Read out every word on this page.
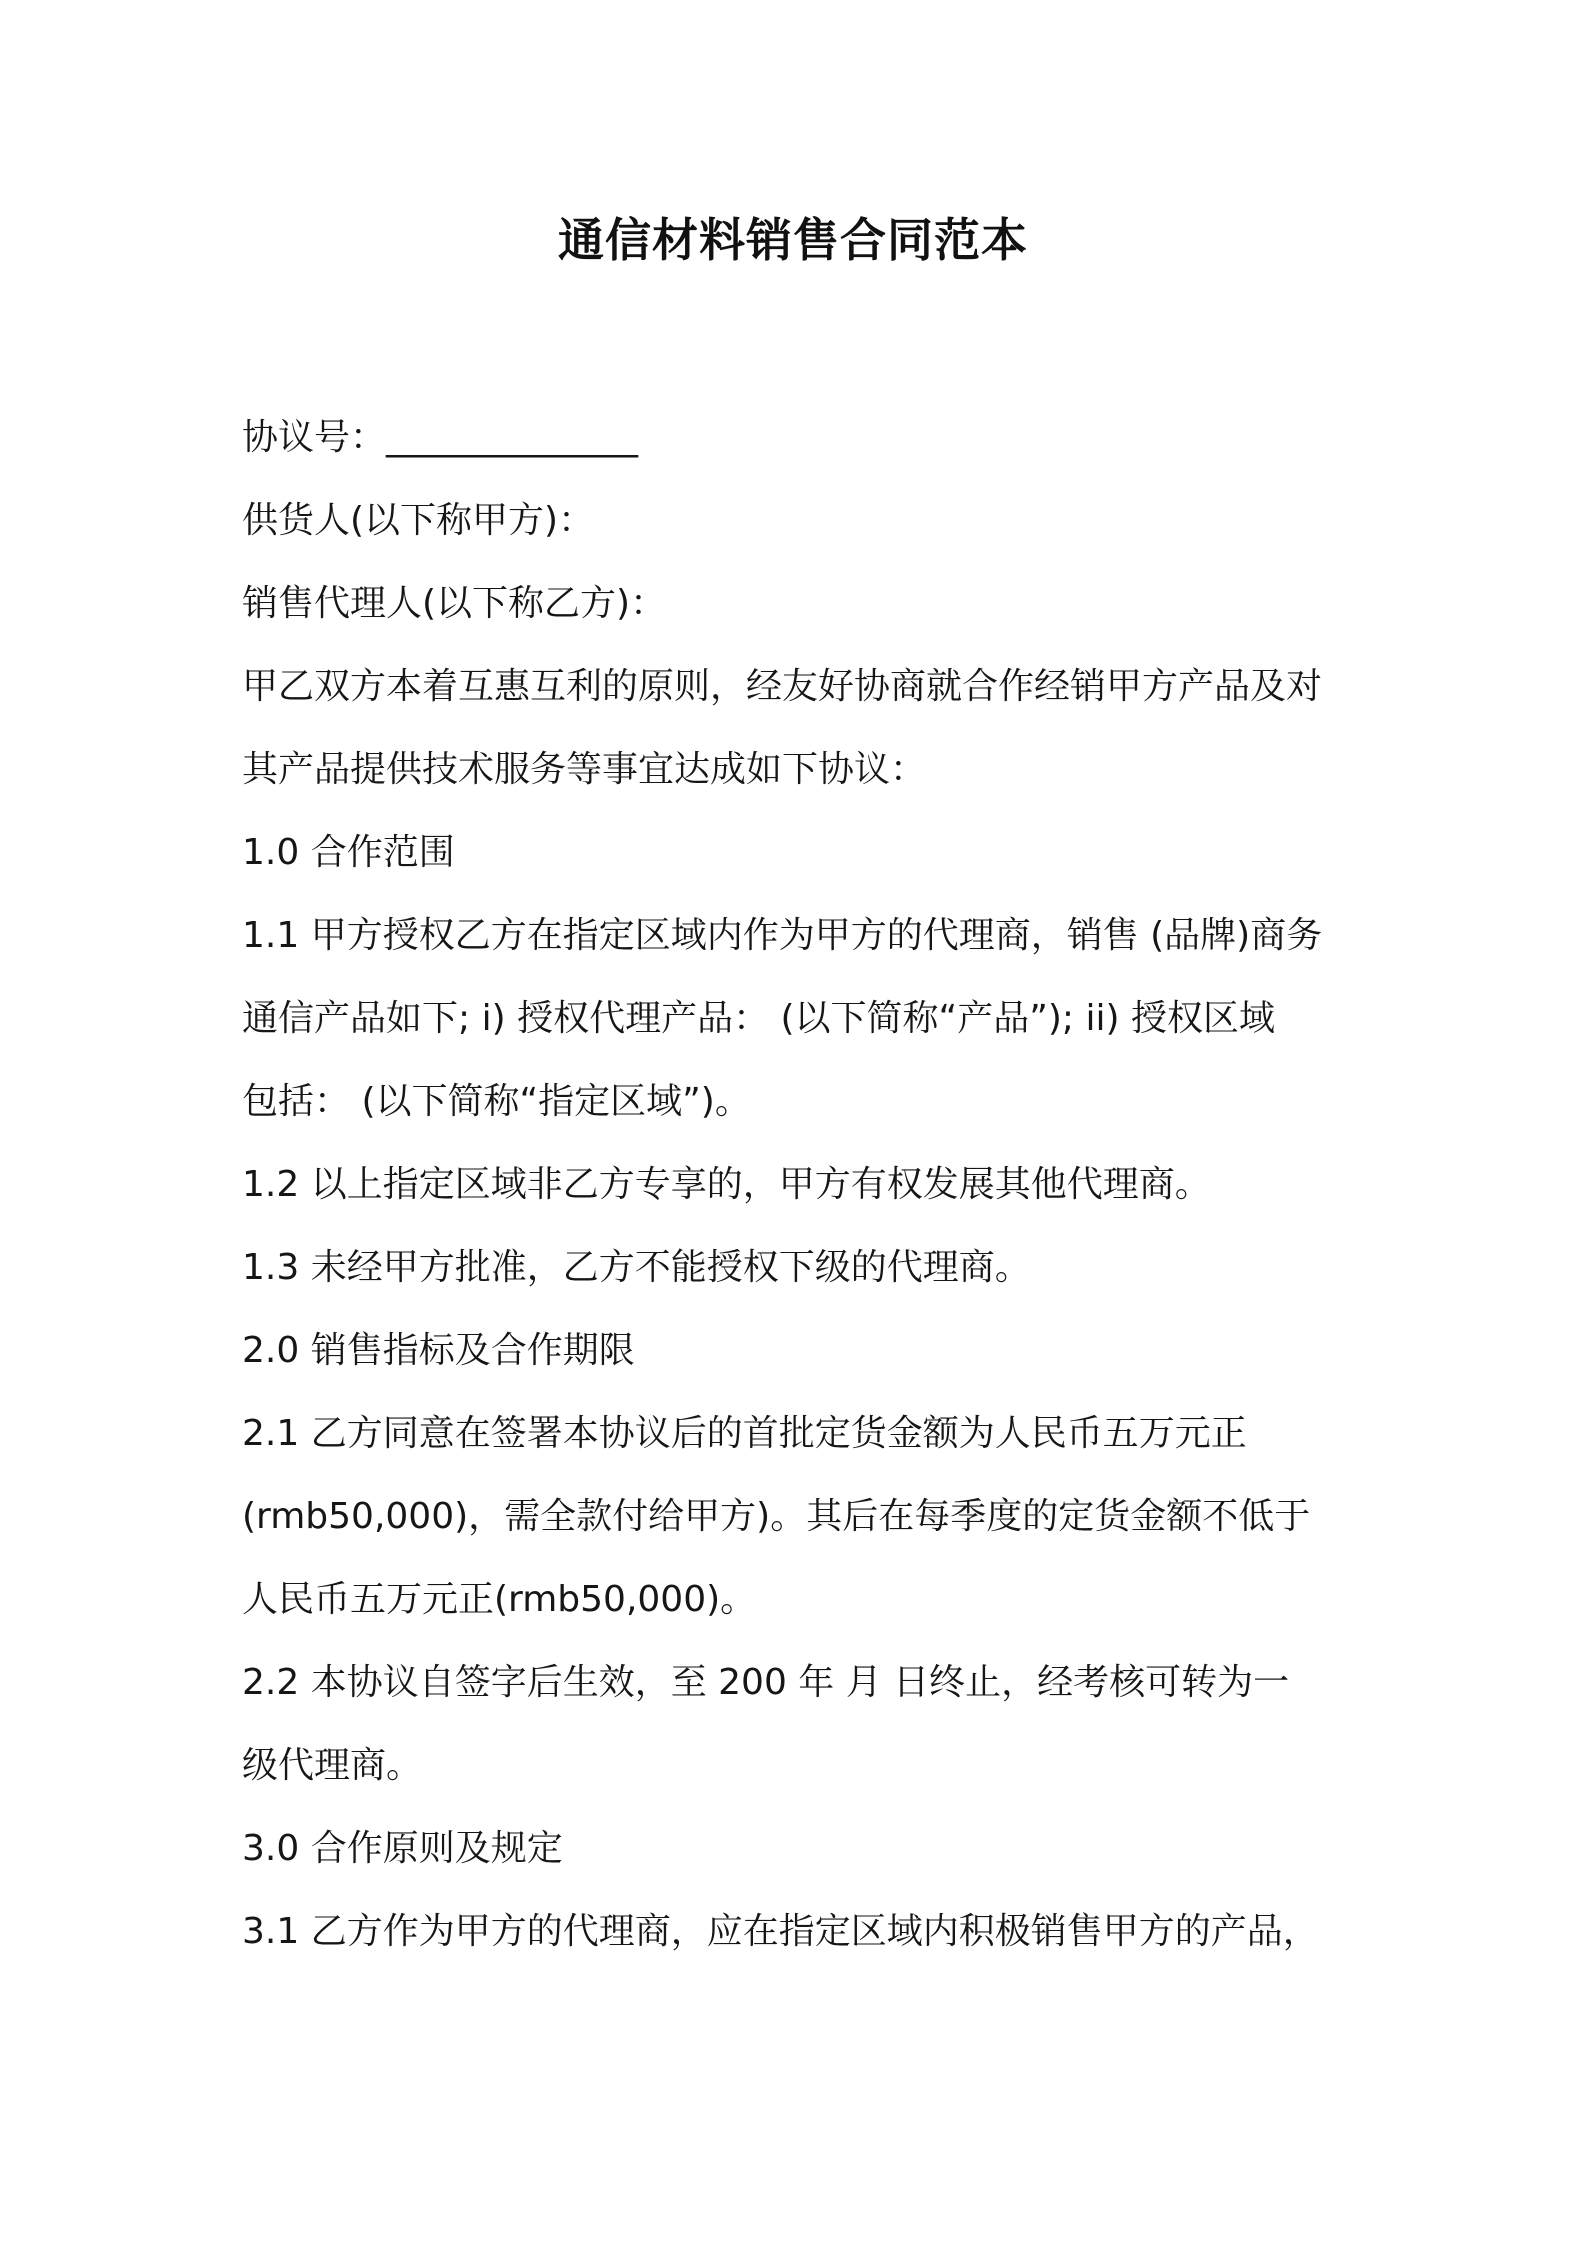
通信材料销售合同范本
协议号：______________
供货人(以下称甲方)：
销售代理人(以下称乙方)：
甲乙双方本着互惠互利的原则，经友好协商就合作经销甲方产品及对
其产品提供技术服务等事宜达成如下协议：
1.0 合作范围
1.1 甲方授权乙方在指定区域内作为甲方的代理商，销售 (品牌)商务
通信产品如下; i) 授权代理产品： (以下简称“产品”); ii) 授权区域
包括： (以下简称“指定区域”)。
1.2 以上指定区域非乙方专享的，甲方有权发展其他代理商。
1.3 未经甲方批准，乙方不能授权下级的代理商。
2.0 销售指标及合作期限
2.1 乙方同意在签署本协议后的首批定货金额为人民币五万元正
(rmb50,000)，需全款付给甲方)。其后在每季度的定货金额不低于
人民币五万元正(rmb50,000)。
2.2 本协议自签字后生效，至 200 年 月 日终止，经考核可转为一
级代理商。
3.0 合作原则及规定
3.1 乙方作为甲方的代理商，应在指定区域内积极销售甲方的产品，
